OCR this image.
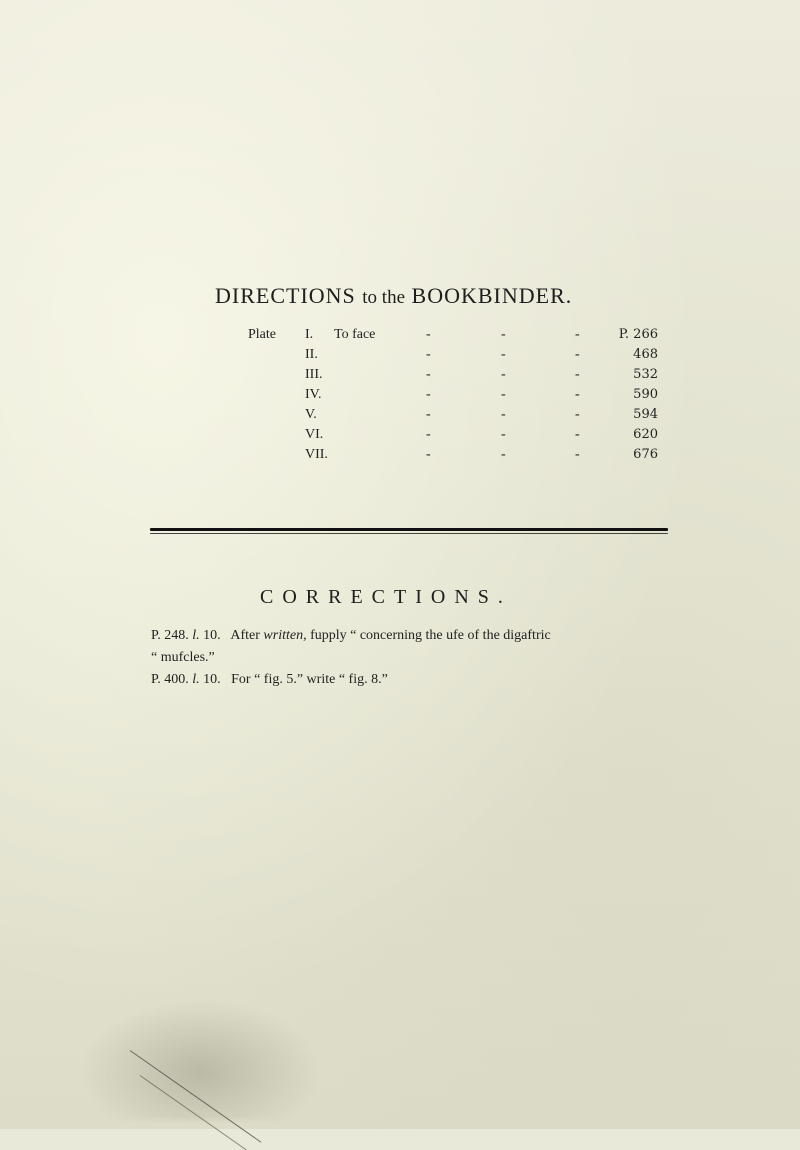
DIRECTIONS to the BOOKBINDER.
Plate I. To face	-	-	-	P. 266
II.	-	-	-	468
III.	-	-	-	532
IV.	-	-	-	590
V.	-	-	-	594
VI.	-	-	-	620
VII.	-	-	-	676
CORRECTIONS.
P. 248. l. 10. After written, fupply “ concerning the ufe of the digaftric
“ mufcles.”
P. 400. l. 10. For “ fig. 5.” write “ fig. 8.”
